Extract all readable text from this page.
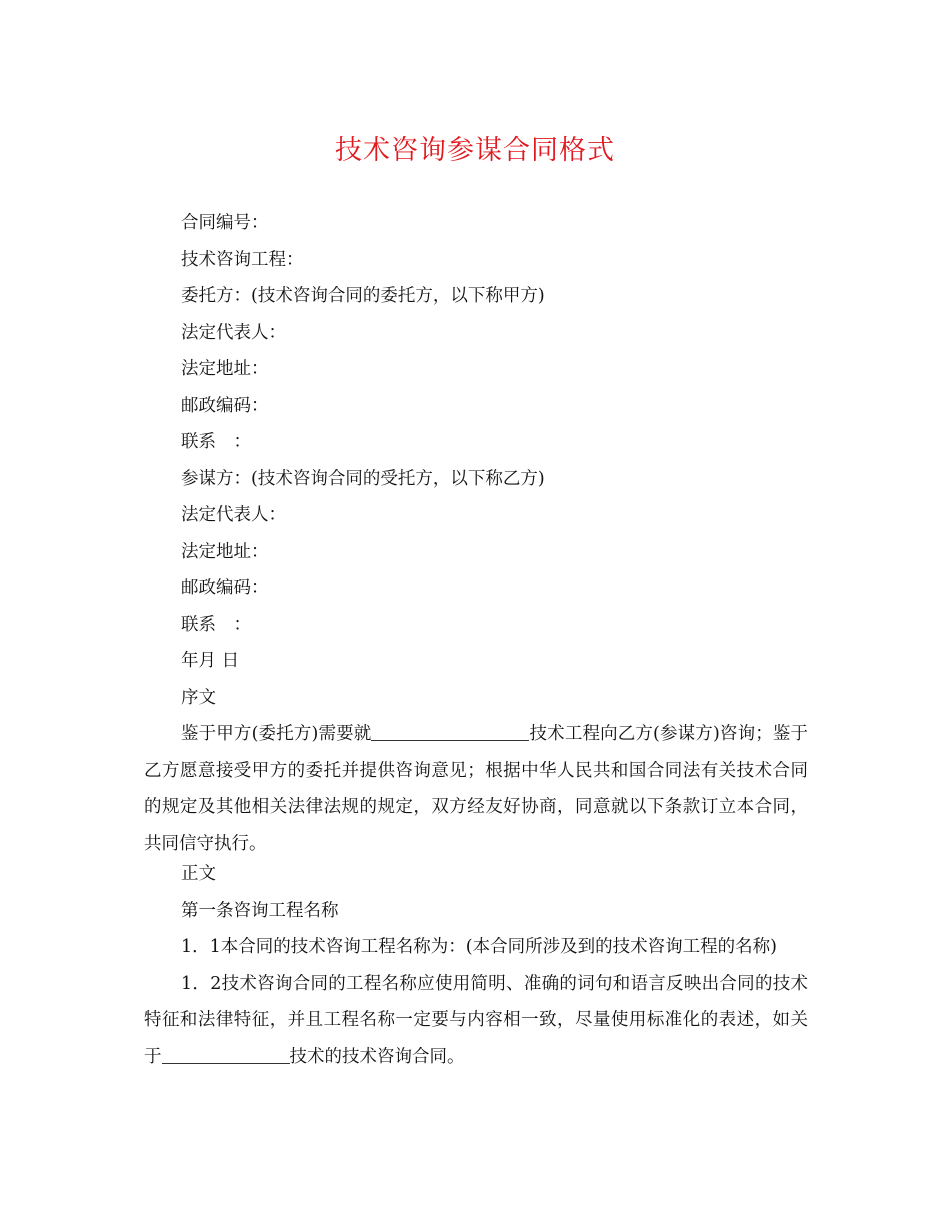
技术咨询参谋合同格式

合同编号：

技术咨询工程：

委托方：(技术咨询合同的委托方，以下称甲方)

法定代表人：

法定地址：

邮政编码：

联系　：

参谋方：(技术咨询合同的受托方，以下称乙方)

法定代表人：

法定地址：

邮政编码：

联系　：

年月 日

序文

鉴于甲方(委托方)需要就	技术工程向乙方(参谋方)咨询；鉴于乙方愿意接受甲方的委托并提供咨询意见；根据中华人民共和国合同法有关技术合同的规定及其他相关法律法规的规定，双方经友好协商，同意就以下条款订立本合同，共同信守执行。

正文

第一条咨询工程名称

1．1本合同的技术咨询工程名称为：(本合同所涉及到的技术咨询工程的名称)

1．2技术咨询合同的工程名称应使用简明、准确的词句和语言反映出合同的技术特征和法律特征，并且工程名称一定要与内容相一致，尽量使用标准化的表述，如关于	技术的技术咨询合同。
